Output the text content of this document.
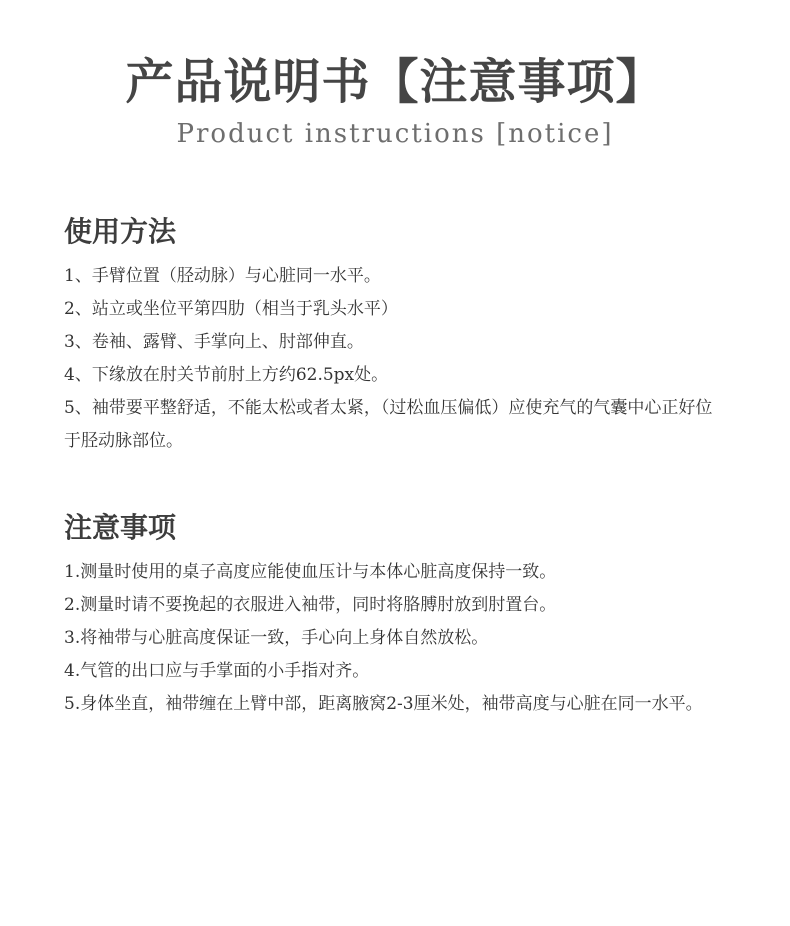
产品说明书【注意事项】
Product instructions [notice]
使用方法

1、手臂位置（胫动脉）与心脏同一水平。

2、站立或坐位平第四肋（相当于乳头水平）

3、卷袖、露臂、手掌向上、肘部伸直。

4、下缘放在肘关节前肘上方约62.5px处。

5、袖带要平整舒适，不能太松或者太紧，（过松血压偏低）应使充气的气囊中心正好位于胫动脉部位。

注意事项

1.测量时使用的桌子高度应能使血压计与本体心脏高度保持一致。

2.测量时请不要挽起的衣服进入袖带，同时将胳膊肘放到肘置台。

3.将袖带与心脏高度保证一致，手心向上身体自然放松。

4.气管的出口应与手掌面的小手指对齐。

5.身体坐直，袖带缠在上臂中部，距离腋窝2-3厘米处，袖带高度与心脏在同一水平。
